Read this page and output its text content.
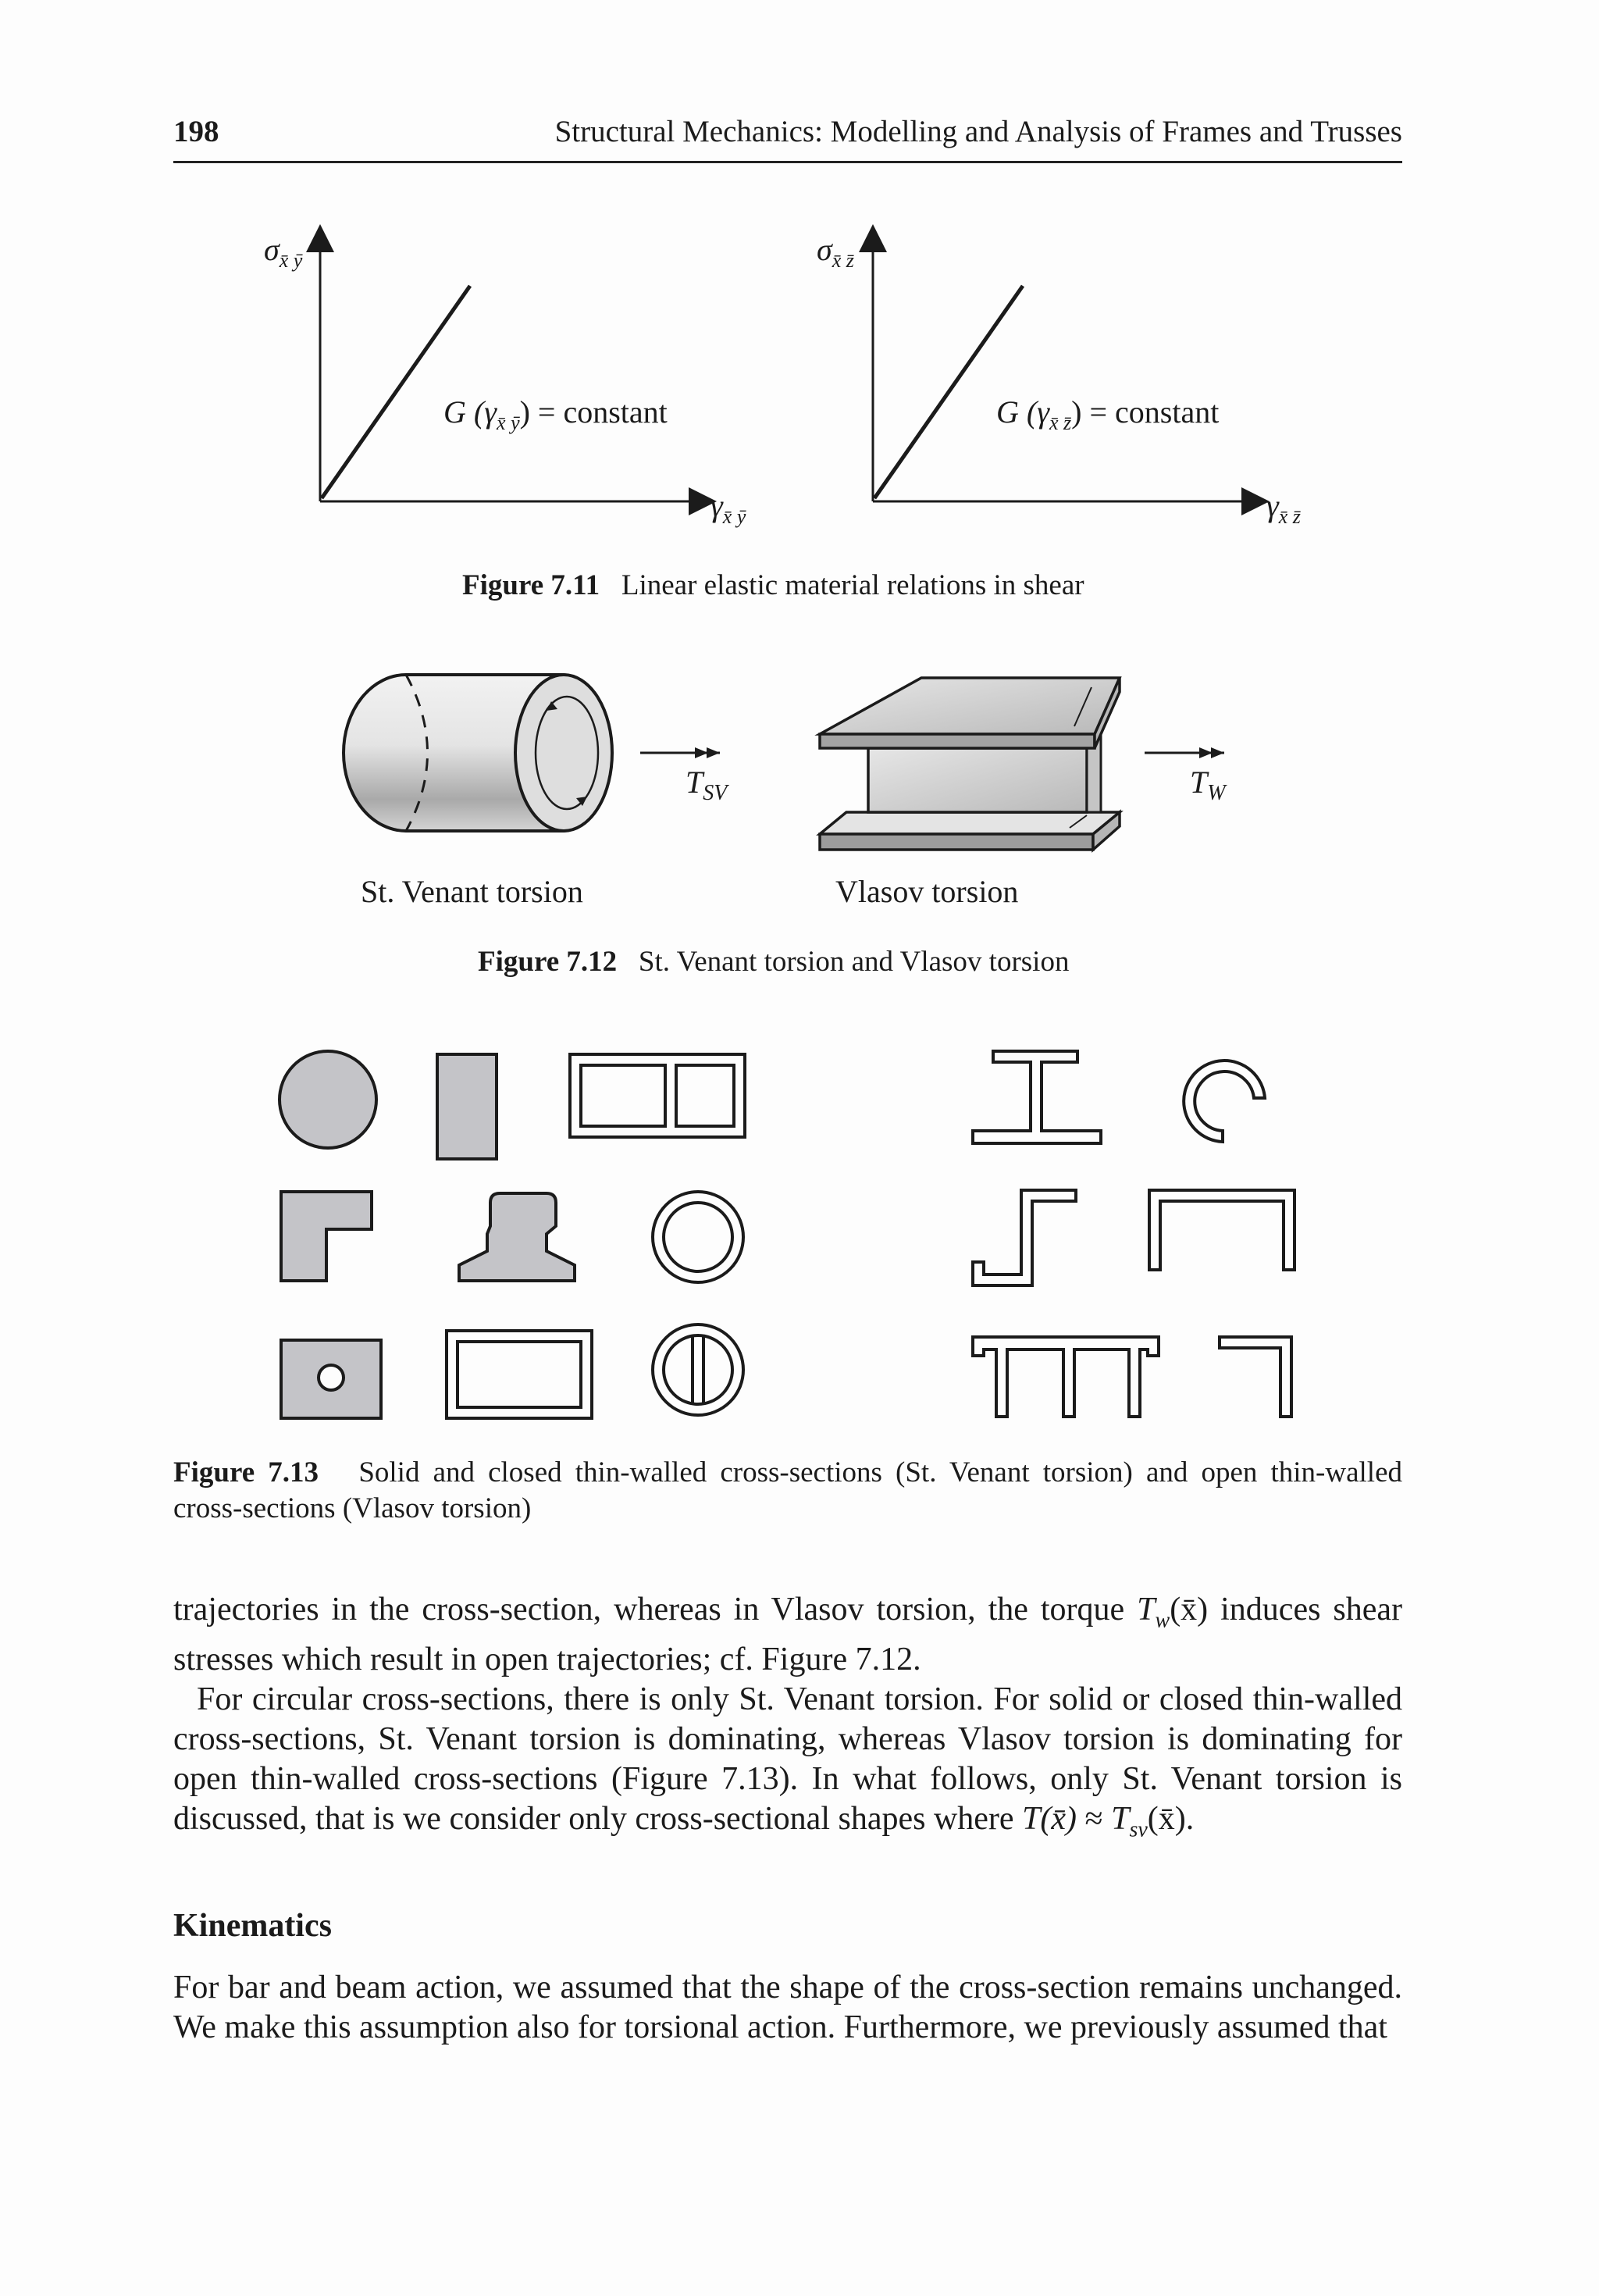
198	Structural Mechanics: Modelling and Analysis of Frames and Trusses
$\sigma_{x̄ ȳ}$
$\gamma_{x̄ ȳ}$
G $(\gamma_{x̄ ȳ})$ = constant
$\sigma_{x̄ z̄}$
$\gamma_{x̄ z̄}$
G $(\gamma_{x̄ z̄})$ = constant
Figure 7.11 Linear elastic material relations in shear
$T_{SV}$	$T_W$
St. Venant torsion	Vlasov torsion
Figure 7.12 St. Venant torsion and Vlasov torsion
Figure 7.13 Solid and closed thin-walled cross-sections (St. Venant torsion) and open thin-walled
cross-sections (Vlasov torsion)

trajectories in the cross-section, whereas in Vlasov torsion, the torque $T_w(x̄)$ induces shear stresses which result in open trajectories; cf. Figure 7.12.

For circular cross-sections, there is only St. Venant torsion. For solid or closed thin-walled cross-sections, St. Venant torsion is dominating, whereas Vlasov torsion is dominating for open thin-walled cross-sections (Figure 7.13). In what follows, only St. Venant torsion is discussed, that is we consider only cross-sectional shapes where T(x̄) ≈ $T_{sv}(x̄)$.

Kinematics

For bar and beam action, we assumed that the shape of the cross-section remains unchanged. We make this assumption also for torsional action. Furthermore, we previously assumed that
